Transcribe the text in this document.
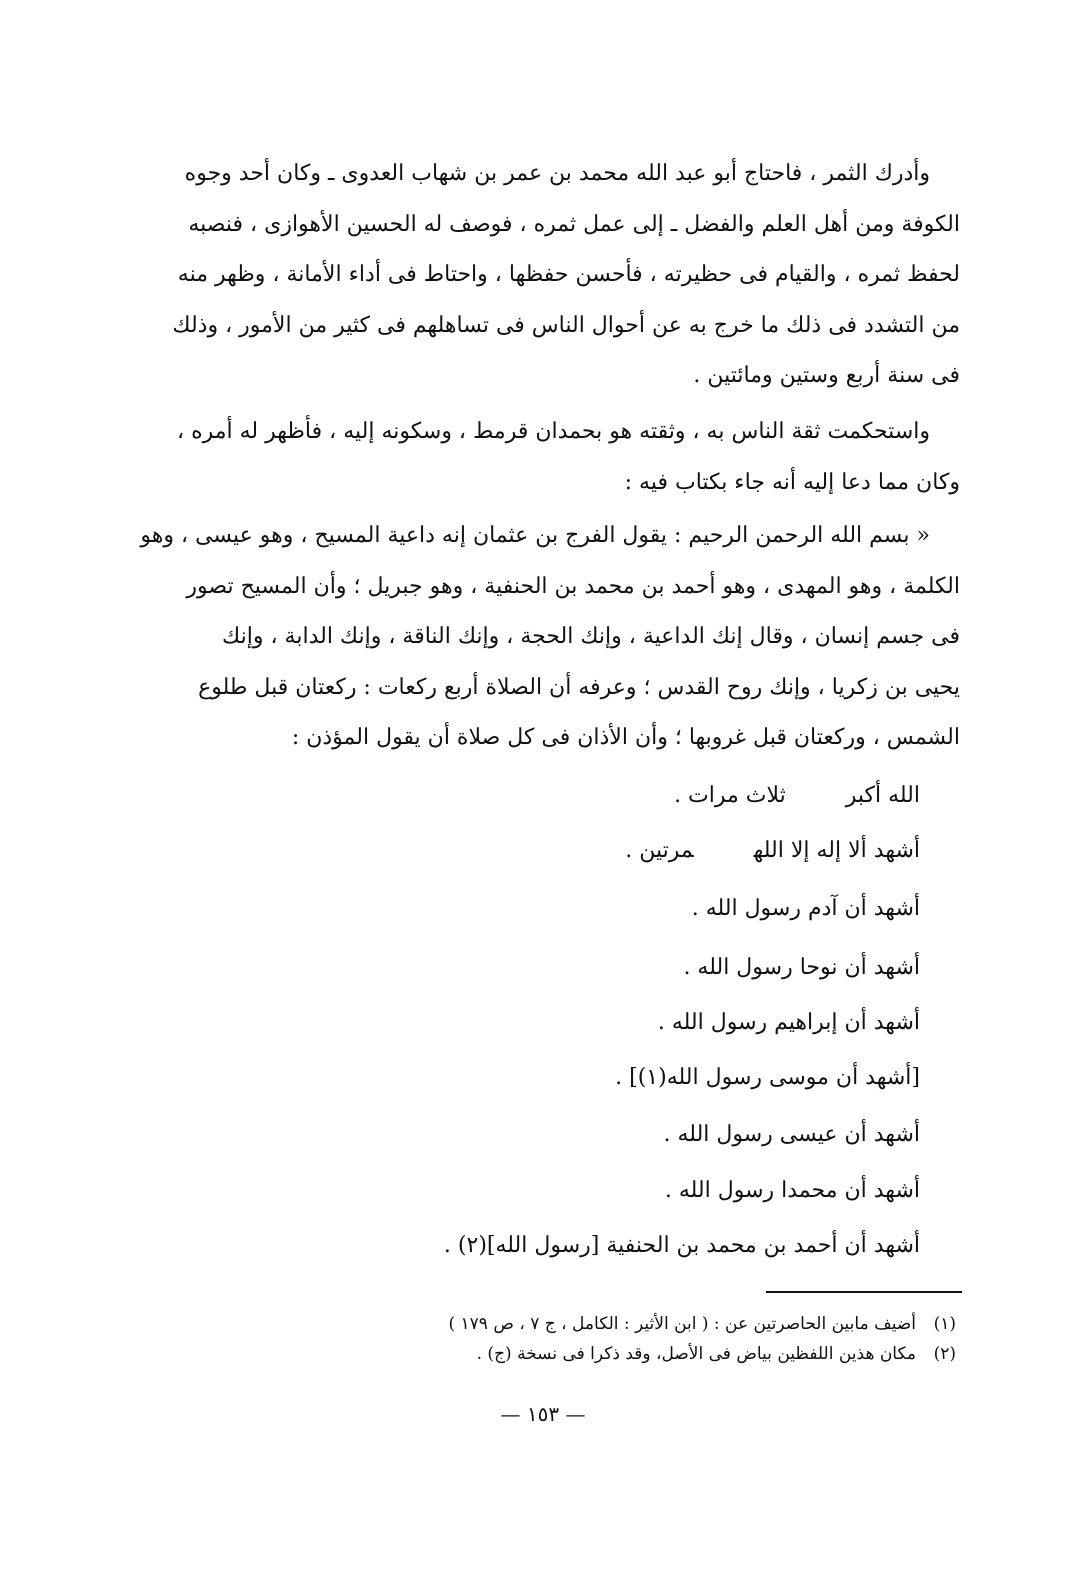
وأدرك الثمر ، فاحتاج أبو عبد الله محمد بن عمر بن شهاب العدوى ـ وكان أحد وجوه
الكوفة ومن أهل العلم والفضل ـ إلى عمل ثمره ، فوصف له الحسين الأهوازى ، فنصبه
لحفظ ثمره ، والقيام فى حظيرته ، فأحسن حفظها ، واحتاط فى أداء الأمانة ، وظهر منه
من التشدد فى ذلك ما خرج به عن أحوال الناس فى تساهلهم فى كثير من الأمور ، وذلك
فى سنة أربع وستين ومائتين .

واستحكمت ثقة الناس به ، وثقته هو بحمدان قرمط ، وسكونه إليه ، فأظهر له أمره ،
وكان مما دعا إليه أنه جاء بكتاب فيه :

« بسم الله الرحمن الرحيم : يقول الفرج بن عثمان إنه داعية المسيح ، وهو عيسى ، وهو
الكلمة ، وهو المهدى ، وهو أحمد بن محمد بن الحنفية ، وهو جبريل ؛ وأن المسيح تصور
فى جسم إنسان ، وقال إنك الداعية ، وإنك الحجة ، وإنك الناقة ، وإنك الدابة ، وإنك
يحيى بن زكريا ، وإنك روح القدس ؛ وعرفه أن الصلاة أربع ركعات : ركعتان قبل طلوع
الشمس ، وركعتان قبل غروبها ؛ وأن الأذان فى كل صلاة أن يقول المؤذن :

الله أكبرثلاث مرات .
أشهد ألا إله إلا اللهمرتين .
أشهد أن آدم رسول الله .
أشهد أن نوحا رسول الله .
أشهد أن إبراهيم رسول الله .
[أشهد أن موسى رسول الله(١)] .
أشهد أن عيسى رسول الله .
أشهد أن محمدا رسول الله .
أشهد أن أحمد بن محمد بن الحنفية [رسول الله](٢) .
(١)أضيف مابين الحاصرتين عن : ( ابن الأثير : الكامل ، ج ٧ ، ص ١٧٩ )
(٢)مكان هذين اللفظين بياض فى الأصل، وقد ذكرا فى نسخة (ج) .
— ١٥٣ —
